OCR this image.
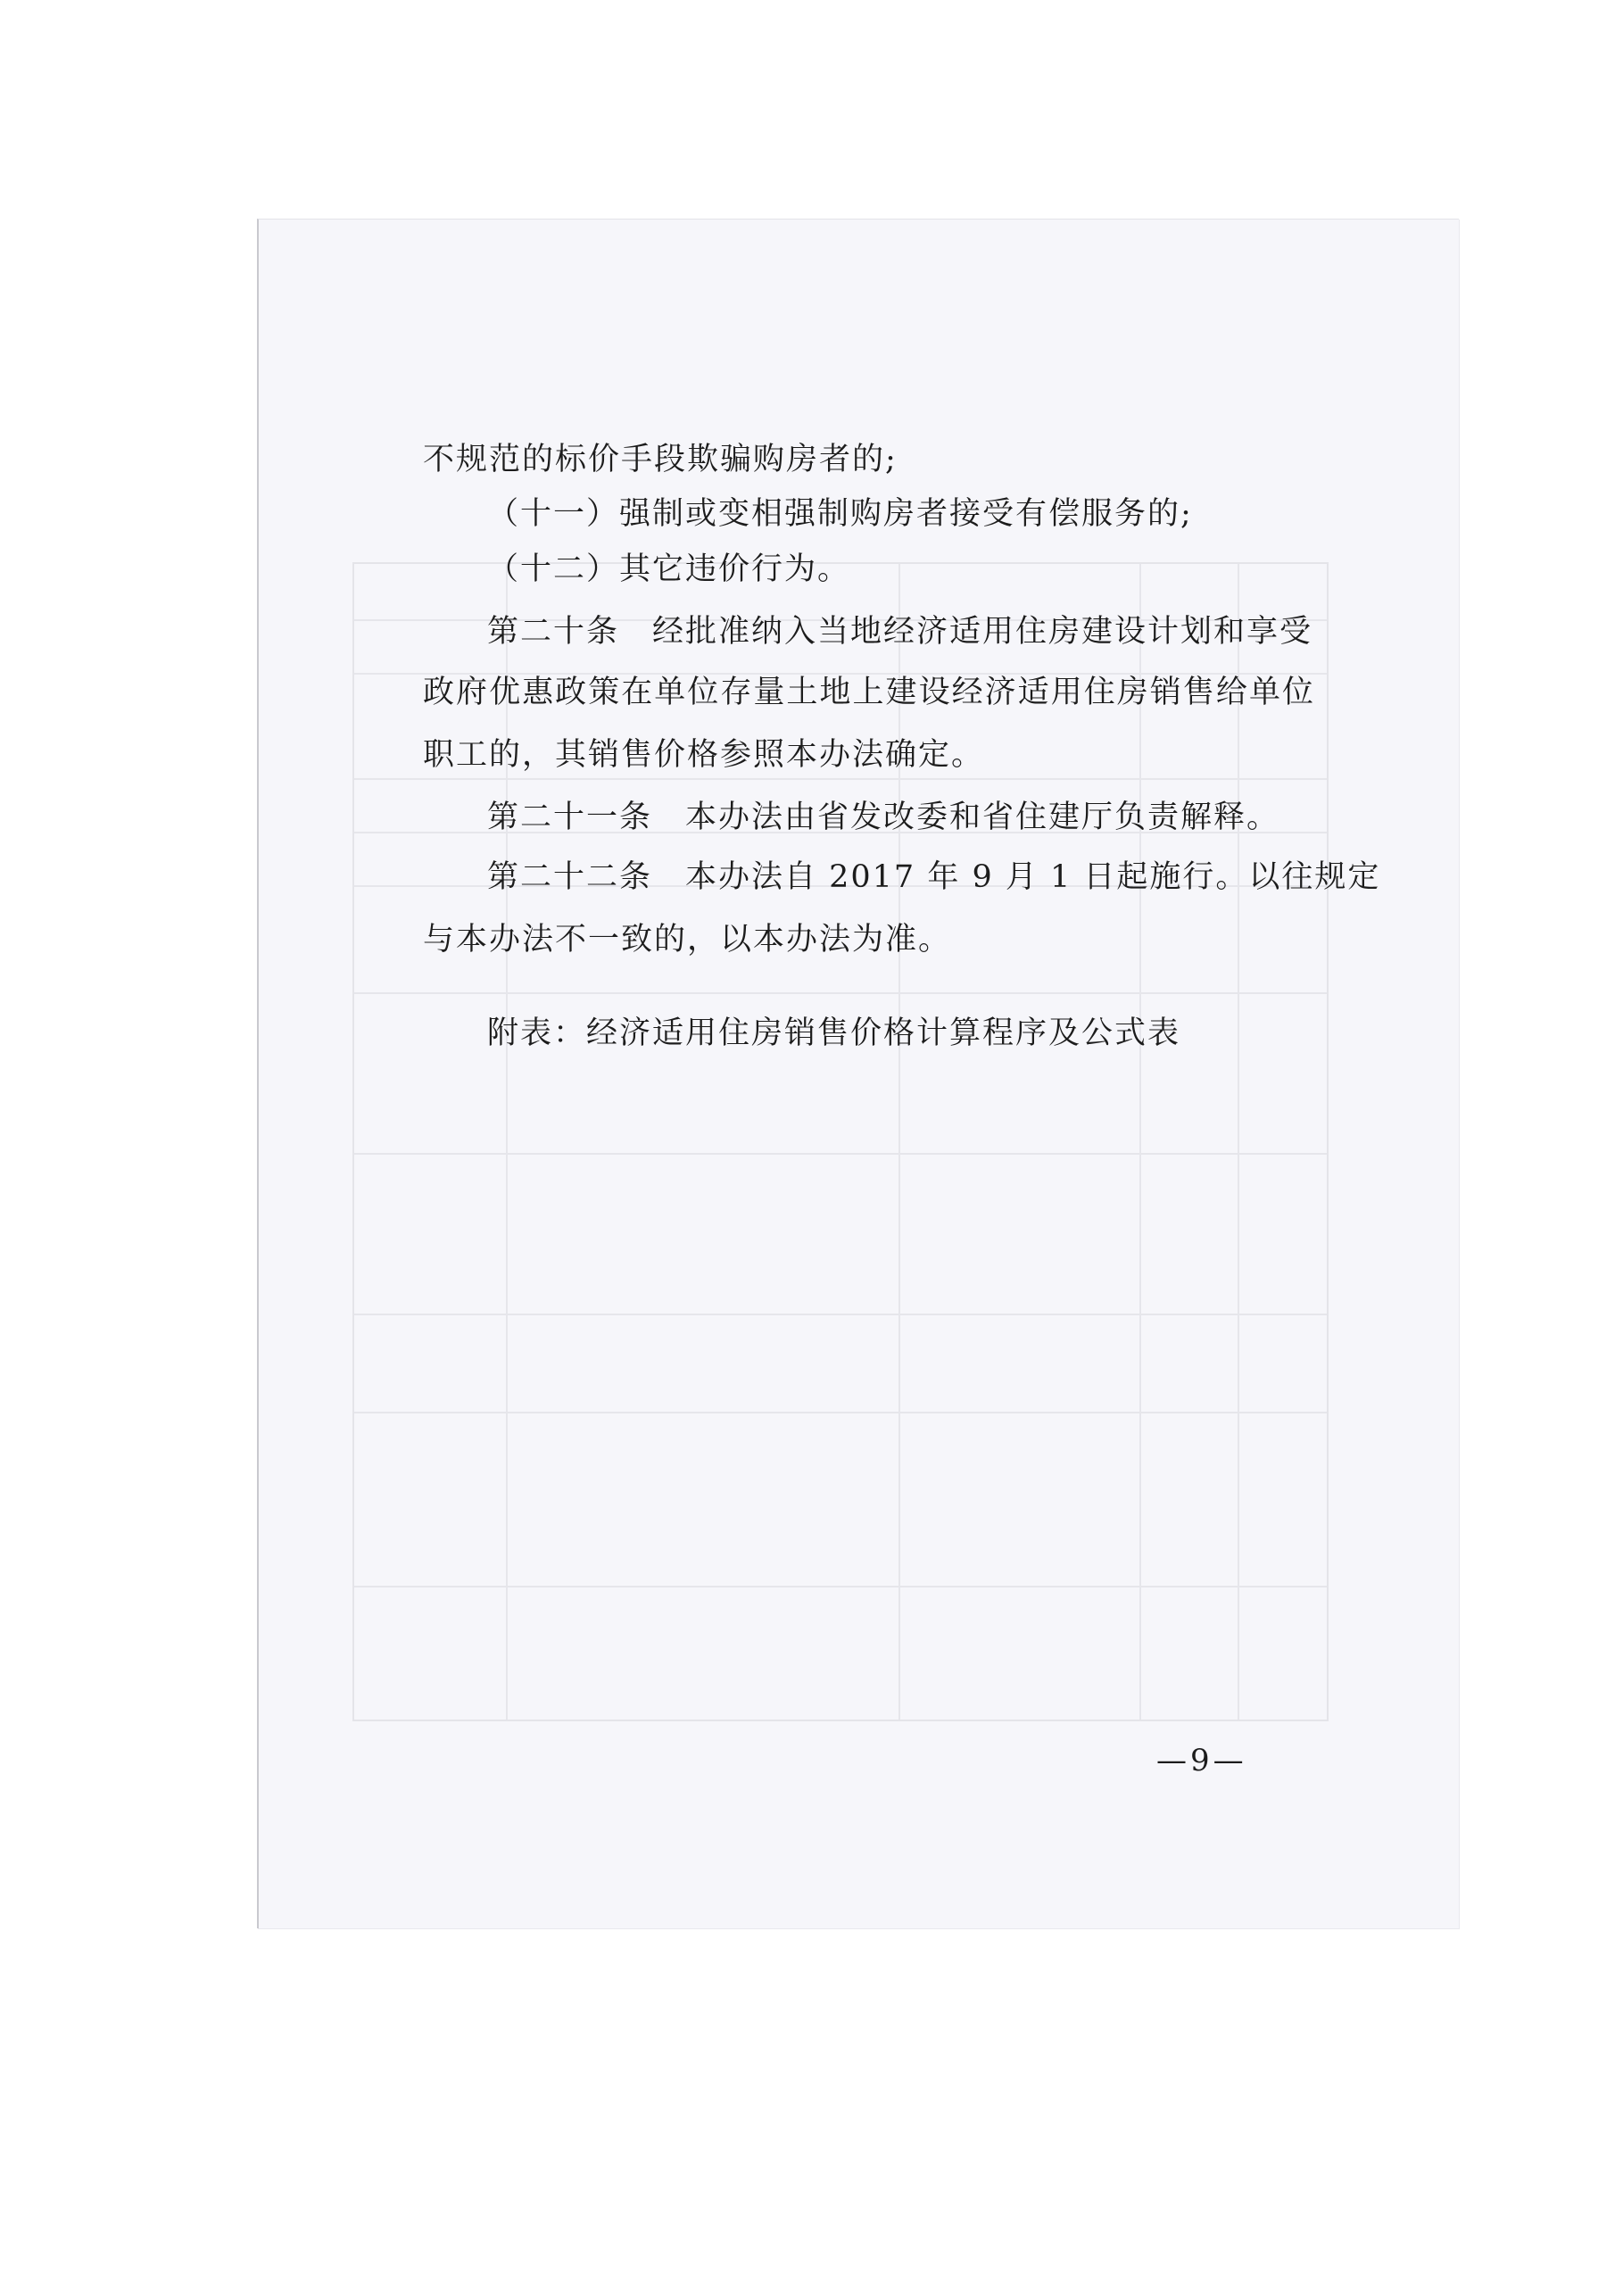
不规范的标价手段欺骗购房者的;
（十一）强制或变相强制购房者接受有偿服务的;
（十二）其它违价行为。
第二十条　经批准纳入当地经济适用住房建设计划和享受
政府优惠政策在单位存量土地上建设经济适用住房销售给单位
职工的，其销售价格参照本办法确定。
第二十一条　本办法由省发改委和省住建厅负责解释。
第二十二条　本办法自 2017 年 9 月 1 日起施行。以往规定
与本办法不一致的，以本办法为准。
附表：经济适用住房销售价格计算程序及公式表
—9—
